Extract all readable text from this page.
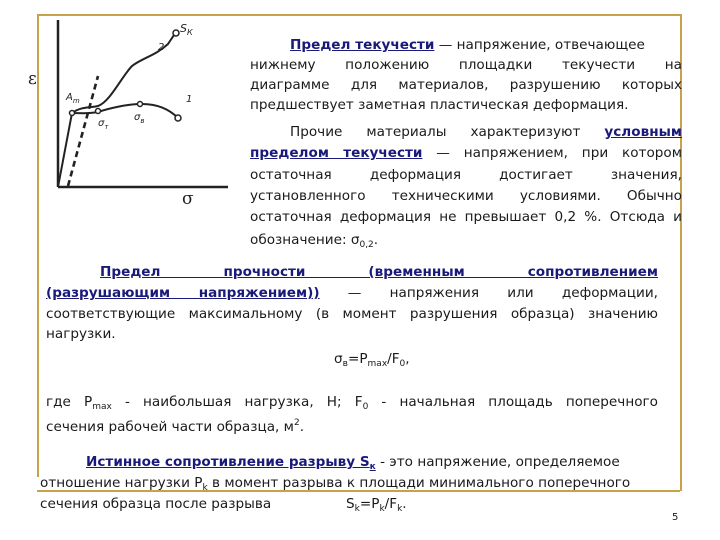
ε
σ
2
1
$S_К$
$A_m$
$\sigma_т$
$\sigma_в$
Предел текучести — напряжение, отвечающее
нижнему положению площадки текучести на
диаграмме для материалов, разрушению которых
предшествует заметная пластическая деформация.
Прочие материалы характеризуют условным
пределом текучести — напряжением, при котором
остаточная деформация достигает значения,
установленного техническими условиями. Обычно
остаточная деформация не превышает 0,2 %. Отсюда и
обозначение: $\sigma_{0,2}$.
Предел прочности (временным сопротивлением
(разрушающим напряжением)) — напряжения или деформации,
соответствующие максимальному (в момент разрушения образца) значению
нагрузки.
$\sigma_в=P_{max}/F_0$,
где $P_{max}$ - наибольшая нагрузка, Н; $F_0$ - начальная площадь поперечного
сечения рабочей части образца, $м^2$.
Истинное сопротивление разрыву $S_к$ - это напряжение, определяемое
отношение нагрузки $P_k$ в момент разрыва к площади минимального поперечного
сечения образца после разрыва	$S_k=P_k/F_k$.
5
